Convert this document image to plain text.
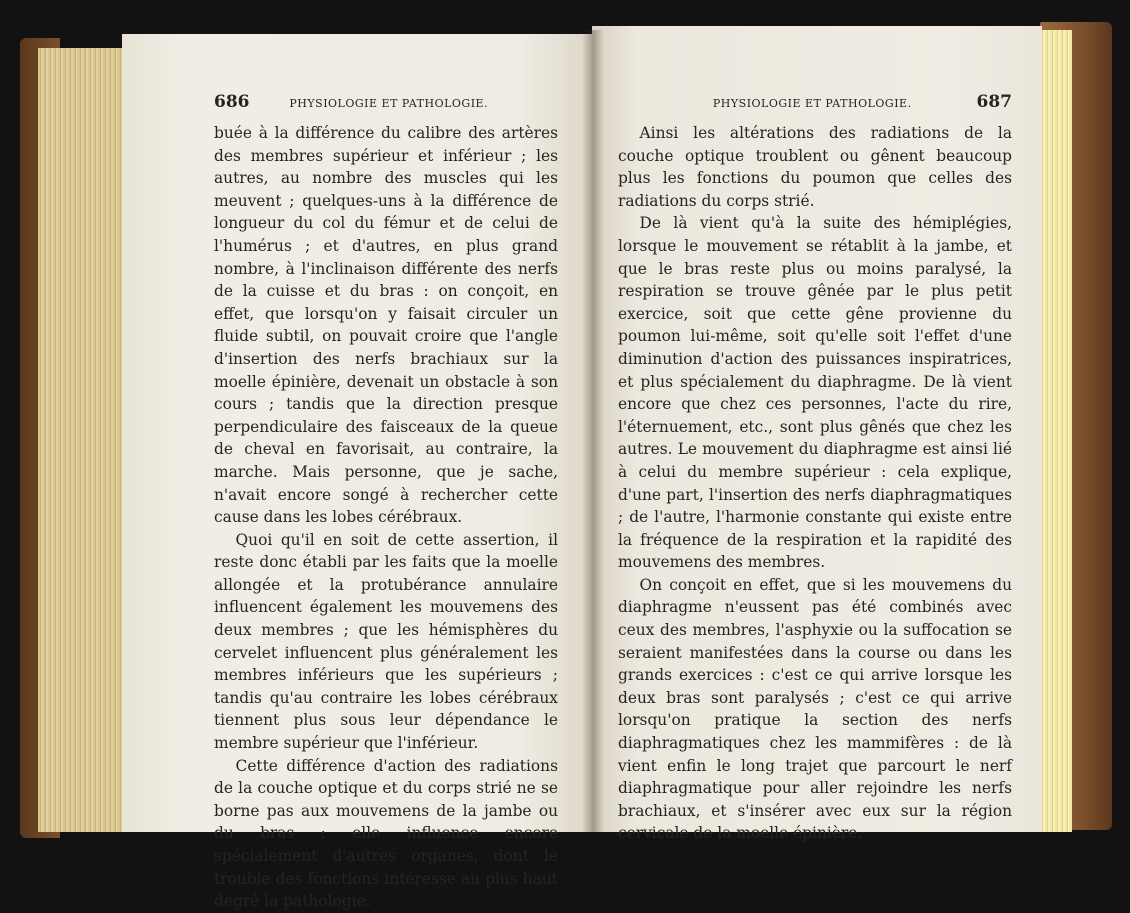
686	PHYSIOLOGIE ET PATHOLOGIE.

buée à la différence du calibre des artères des membres supérieur et inférieur ; les autres, au nombre des muscles qui les meuvent ; quelques-uns à la différence de longueur du col du fémur et de celui de l'humérus ; et d'autres, en plus grand nombre, à l'inclinaison différente des nerfs de la cuisse et du bras : on conçoit, en effet, que lorsqu'on y faisait circuler un fluide subtil, on pouvait croire que l'angle d'insertion des nerfs brachiaux sur la moelle épinière, devenait un obstacle à son cours ; tandis que la direction presque perpendiculaire des faisceaux de la queue de cheval en favorisait, au contraire, la marche. Mais personne, que je sache, n'avait encore songé à rechercher cette cause dans les lobes cérébraux.

Quoi qu'il en soit de cette assertion, il reste donc établi par les faits que la moelle allongée et la protubérance annulaire influencent également les mouvemens des deux membres ; que les hémisphères du cervelet influencent plus généralement les membres inférieurs que les supérieurs ; tandis qu'au contraire les lobes cérébraux tiennent plus sous leur dépendance le membre supérieur que l'inférieur.

Cette différence d'action des radiations de la couche optique et du corps strié ne se borne pas aux mouvemens de la jambe ou du bras ; elle influence encore spécialement d'autres organes, dont le trouble des fonctions intéresse au plus haut degré la pathologie.

PHYSIOLOGIE ET PATHOLOGIE.	687

Ainsi les altérations des radiations de la couche optique troublent ou gênent beaucoup plus les fonctions du poumon que celles des radiations du corps strié.

De là vient qu'à la suite des hémiplégies, lorsque le mouvement se rétablit à la jambe, et que le bras reste plus ou moins paralysé, la respiration se trouve gênée par le plus petit exercice, soit que cette gêne provienne du poumon lui-même, soit qu'elle soit l'effet d'une diminution d'action des puissances inspiratrices, et plus spécialement du diaphragme. De là vient encore que chez ces personnes, l'acte du rire, l'éternuement, etc., sont plus gênés que chez les autres. Le mouvement du diaphragme est ainsi lié à celui du membre supérieur : cela explique, d'une part, l'insertion des nerfs diaphragmatiques ; de l'autre, l'harmonie constante qui existe entre la fréquence de la respiration et la rapidité des mouvemens des membres.

On conçoit en effet, que si les mouvemens du diaphragme n'eussent pas été combinés avec ceux des membres, l'asphyxie ou la suffocation se seraient manifestées dans la course ou dans les grands exercices : c'est ce qui arrive lorsque les deux bras sont paralysés ; c'est ce qui arrive lorsqu'on pratique la section des nerfs diaphragmatiques chez les mammifères : de là vient enfin le long trajet que parcourt le nerf diaphragmatique pour aller rejoindre les nerfs brachiaux, et s'insérer avec eux sur la région cervicale de la moelle épinière.
